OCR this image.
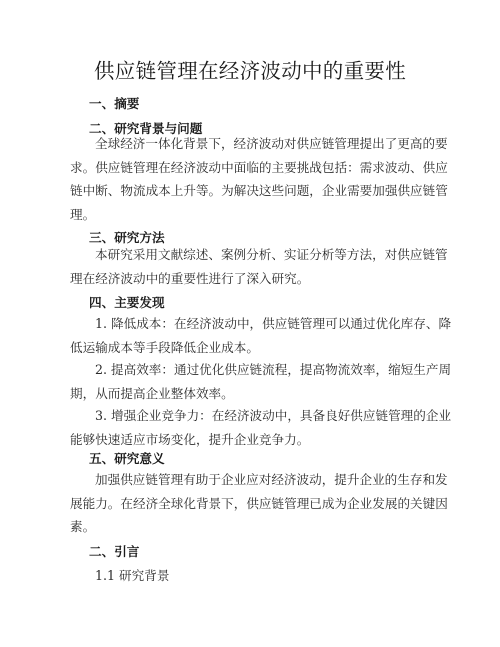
供应链管理在经济波动中的重要性
一、摘要
二、研究背景与问题
全球经济一体化背景下，经济波动对供应链管理提出了更高的要
求。供应链管理在经济波动中面临的主要挑战包括：需求波动、供应
链中断、物流成本上升等。为解决这些问题，企业需要加强供应链管
理。
三、研究方法
本研究采用文献综述、案例分析、实证分析等方法，对供应链管
理在经济波动中的重要性进行了深入研究。
四、主要发现
1. 降低成本：在经济波动中，供应链管理可以通过优化库存、降
低运输成本等手段降低企业成本。
2. 提高效率：通过优化供应链流程，提高物流效率，缩短生产周
期，从而提高企业整体效率。
3. 增强企业竞争力：在经济波动中，具备良好供应链管理的企业
能够快速适应市场变化，提升企业竞争力。
五、研究意义
加强供应链管理有助于企业应对经济波动，提升企业的生存和发
展能力。在经济全球化背景下，供应链管理已成为企业发展的关键因
素。
二、引言
1.1 研究背景
